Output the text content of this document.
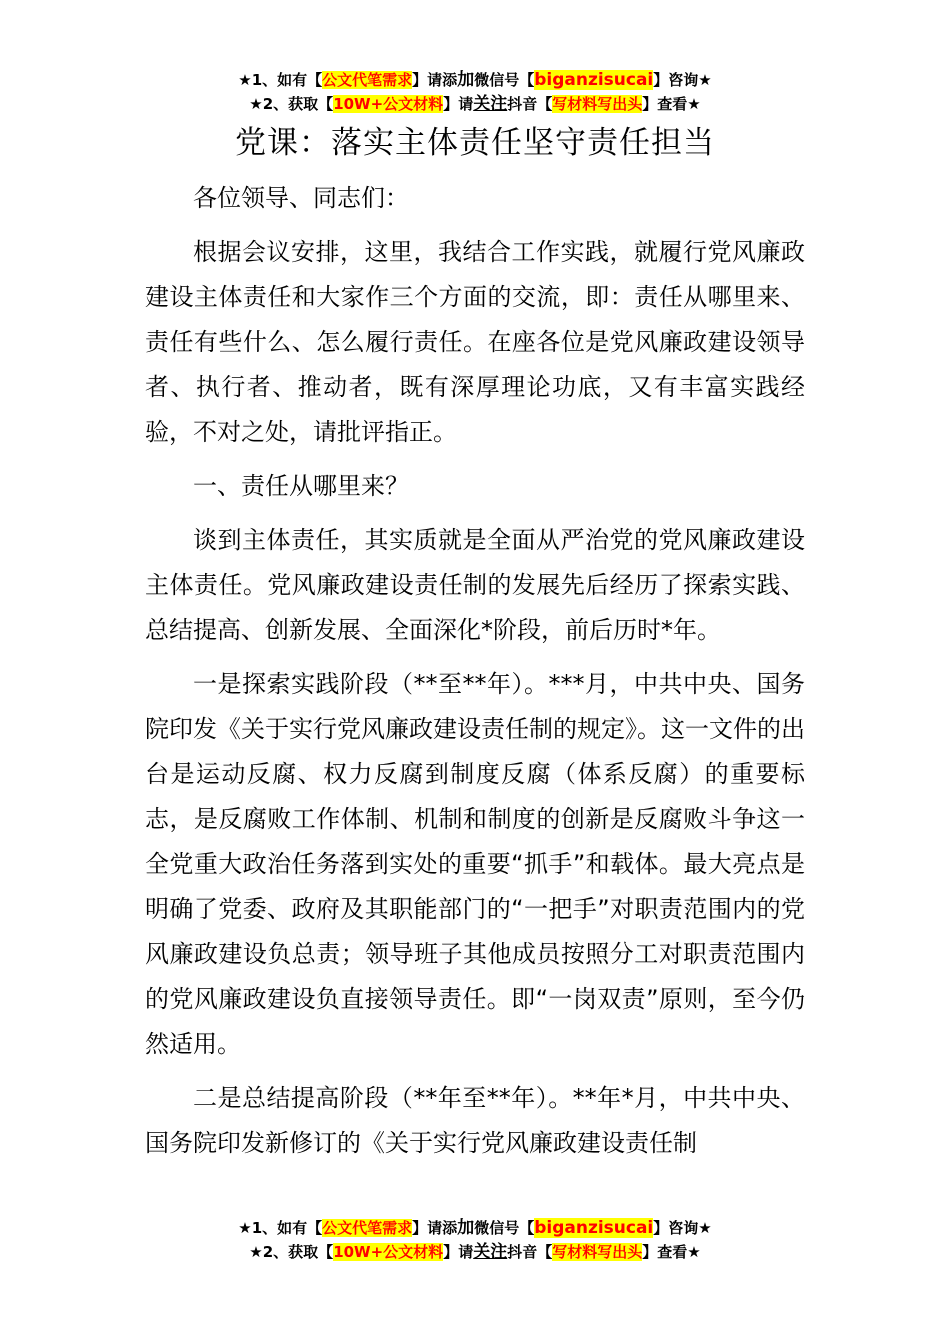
★1、如有【公文代笔需求】请添加微信号【biganzisucai】咨询★
★2、获取【10W+公文材料】请关注抖音【写材料写出头】查看★
党课：落实主体责任坚守责任担当

各位领导、同志们：

根据会议安排，这里，我结合工作实践，就履行党风廉政建设主体责任和大家作三个方面的交流，即：责任从哪里来、责任有些什么、怎么履行责任。在座各位是党风廉政建设领导者、执行者、推动者，既有深厚理论功底，又有丰富实践经验，不对之处，请批评指正。

一、责任从哪里来？

谈到主体责任，其实质就是全面从严治党的党风廉政建设主体责任。党风廉政建设责任制的发展先后经历了探索实践、总结提高、创新发展、全面深化*阶段，前后历时*年。

一是探索实践阶段（**至**年）。***月，中共中央、国务院印发《关于实行党风廉政建设责任制的规定》。这一文件的出台是运动反腐、权力反腐到制度反腐（体系反腐）的重要标志，是反腐败工作体制、机制和制度的创新是反腐败斗争这一全党重大政治任务落到实处的重要“抓手”和载体。最大亮点是明确了党委、政府及其职能部门的“一把手”对职责范围内的党风廉政建设负总责；领导班子其他成员按照分工对职责范围内的党风廉政建设负直接领导责任。即“一岗双责”原则，至今仍然适用。

二是总结提高阶段（**年至**年）。**年*月，中共中央、国务院印发新修订的《关于实行党风廉政建设责任制

★1、如有【公文代笔需求】请添加微信号【biganzisucai】咨询★
★2、获取【10W+公文材料】请关注抖音【写材料写出头】查看★
